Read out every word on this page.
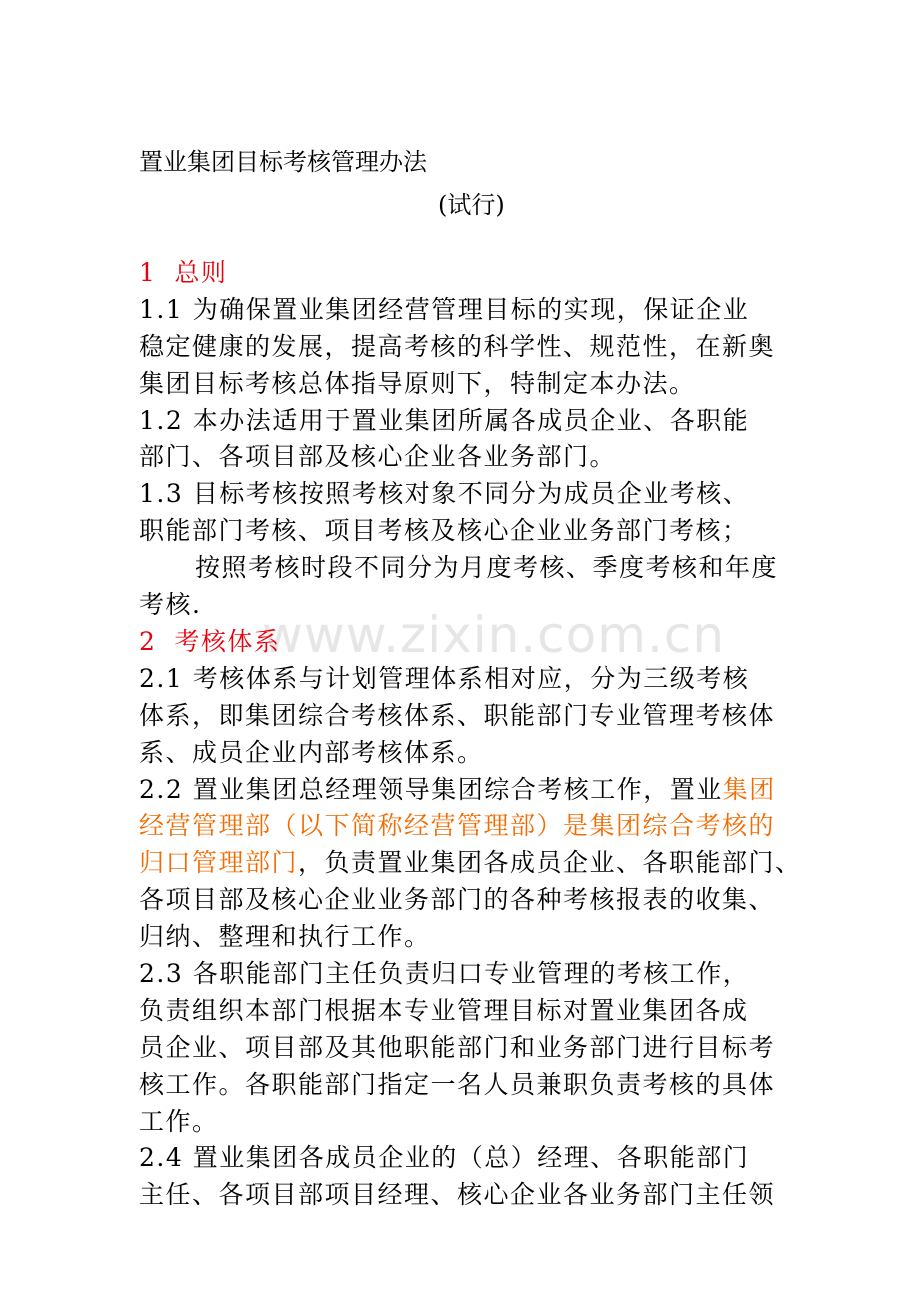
www.zixin.com.cn
置业集团目标考核管理办法
(试行)
1 总则
1.1 为确保置业集团经营管理目标的实现，保证企业
稳定健康的发展，提高考核的科学性、规范性，在新奥
集团目标考核总体指导原则下，特制定本办法。
1.2 本办法适用于置业集团所属各成员企业、各职能
部门、各项目部及核心企业各业务部门。
1.3 目标考核按照考核对象不同分为成员企业考核、
职能部门考核、项目考核及核心企业业务部门考核；
按照考核时段不同分为月度考核、季度考核和年度
考核.
2 考核体系
2.1 考核体系与计划管理体系相对应，分为三级考核
体系，即集团综合考核体系、职能部门专业管理考核体
系、成员企业内部考核体系。
2.2 置业集团总经理领导集团综合考核工作，置业集团
经营管理部（以下简称经营管理部）是集团综合考核的
归口管理部门，负责置业集团各成员企业、各职能部门、
各项目部及核心企业业务部门的各种考核报表的收集、
归纳、整理和执行工作。
2.3 各职能部门主任负责归口专业管理的考核工作，
负责组织本部门根据本专业管理目标对置业集团各成
员企业、项目部及其他职能部门和业务部门进行目标考
核工作。各职能部门指定一名人员兼职负责考核的具体
工作。
2.4 置业集团各成员企业的（总）经理、各职能部门
主任、各项目部项目经理、核心企业各业务部门主任领
